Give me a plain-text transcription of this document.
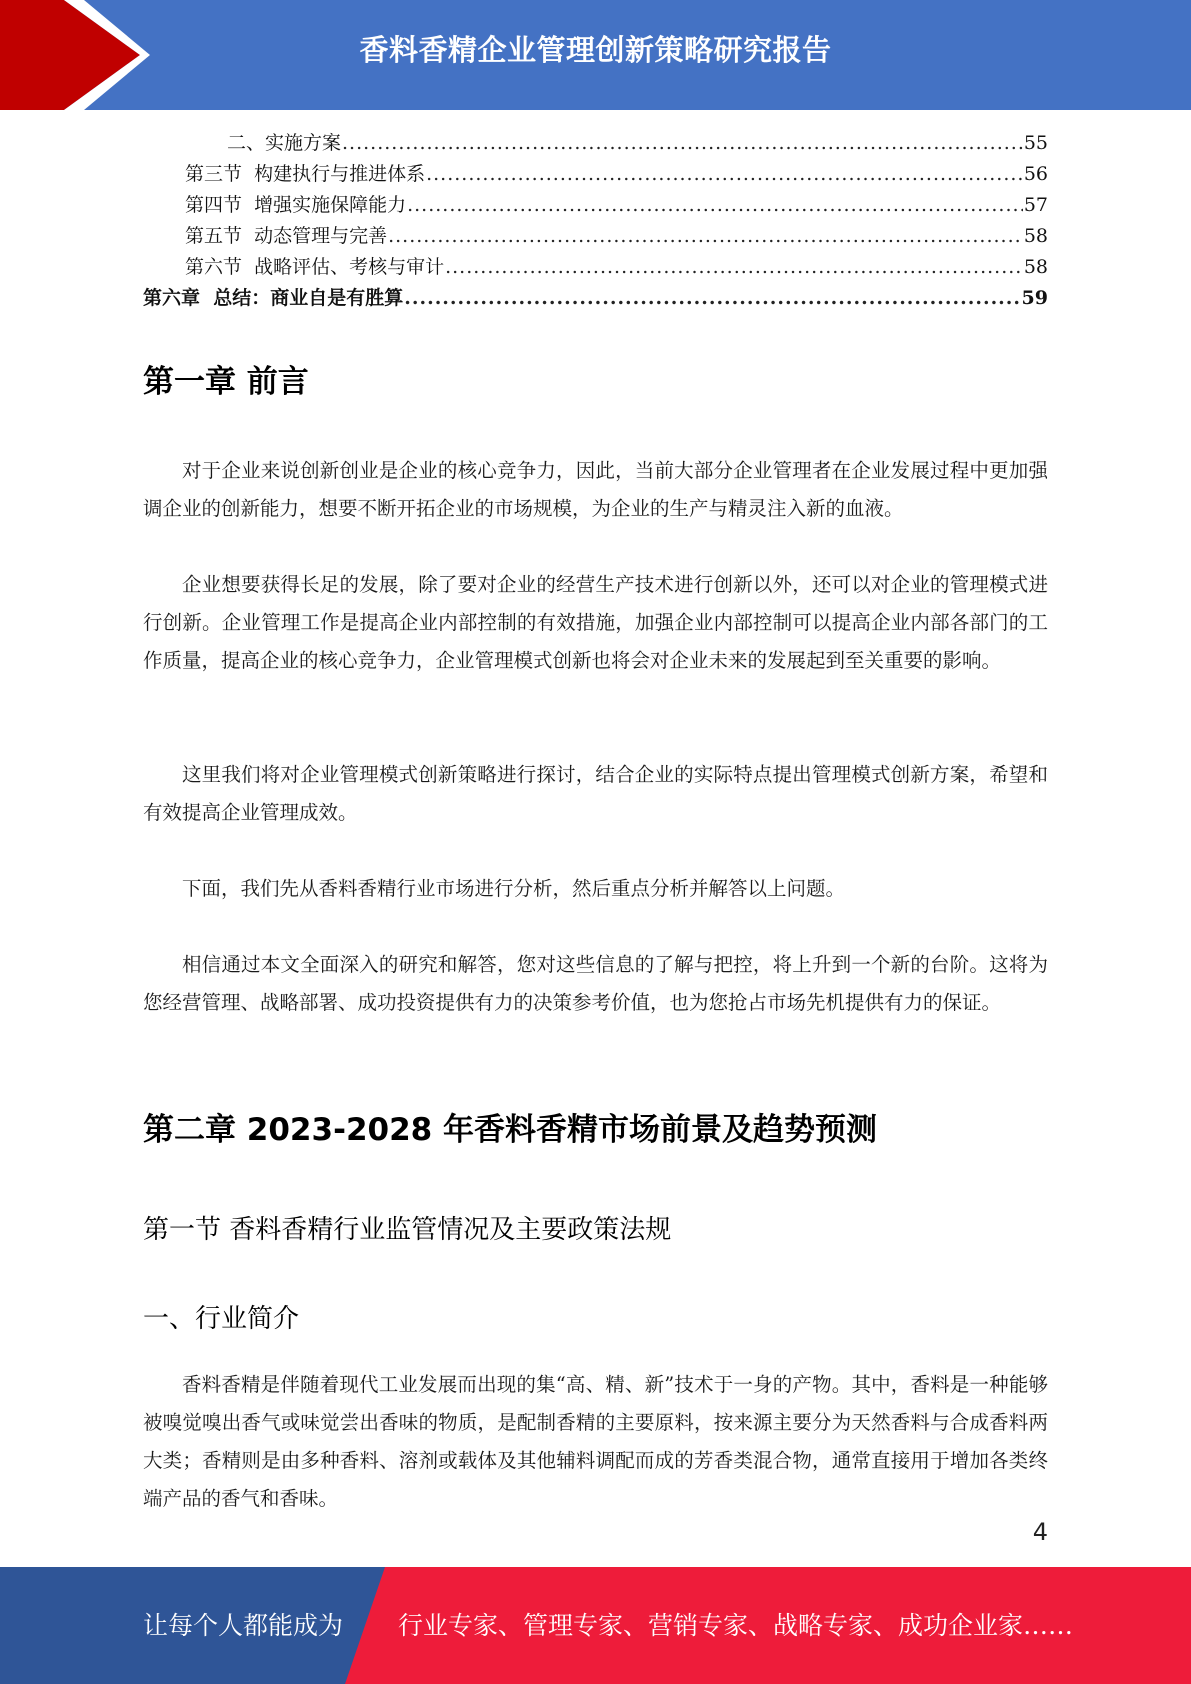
香料香精企业管理创新策略研究报告
二、实施方案 .....	55
第三节  构建执行与推进体系 .....	56
第四节  增强实施保障能力 .....	57
第五节  动态管理与完善 .....	58
第六节  战略评估、考核与审计 .....	58
第六章  总结：商业自是有胜算 .....	59
第一章 前言

对于企业来说创新创业是企业的核心竞争力，因此，当前大部分企业管理者在企业发展过程中更加强调企业的创新能力，想要不断开拓企业的市场规模，为企业的生产与精灵注入新的血液。

企业想要获得长足的发展，除了要对企业的经营生产技术进行创新以外，还可以对企业的管理模式进行创新。企业管理工作是提高企业内部控制的有效措施，加强企业内部控制可以提高企业内部各部门的工作质量，提高企业的核心竞争力，企业管理模式创新也将会对企业未来的发展起到至关重要的影响。

这里我们将对企业管理模式创新策略进行探讨，结合企业的实际特点提出管理模式创新方案，希望和有效提高企业管理成效。

下面，我们先从香料香精行业市场进行分析，然后重点分析并解答以上问题。

相信通过本文全面深入的研究和解答，您对这些信息的了解与把控，将上升到一个新的台阶。这将为您经营管理、战略部署、成功投资提供有力的决策参考价值，也为您抢占市场先机提供有力的保证。

第二章 2023-2028 年香料香精市场前景及趋势预测
第一节 香料香精行业监管情况及主要政策法规
一、行业简介

香料香精是伴随着现代工业发展而出现的集“高、精、新”技术于一身的产物。其中，香料是一种能够被嗅觉嗅出香气或味觉尝出香味的物质，是配制香精的主要原料，按来源主要分为天然香料与合成香料两大类；香精则是由多种香料、溶剂或载体及其他辅料调配而成的芳香类混合物，通常直接用于增加各类终端产品的香气和香味。

4
让每个人都能成为 行业专家、管理专家、营销专家、战略专家、成功企业家……
